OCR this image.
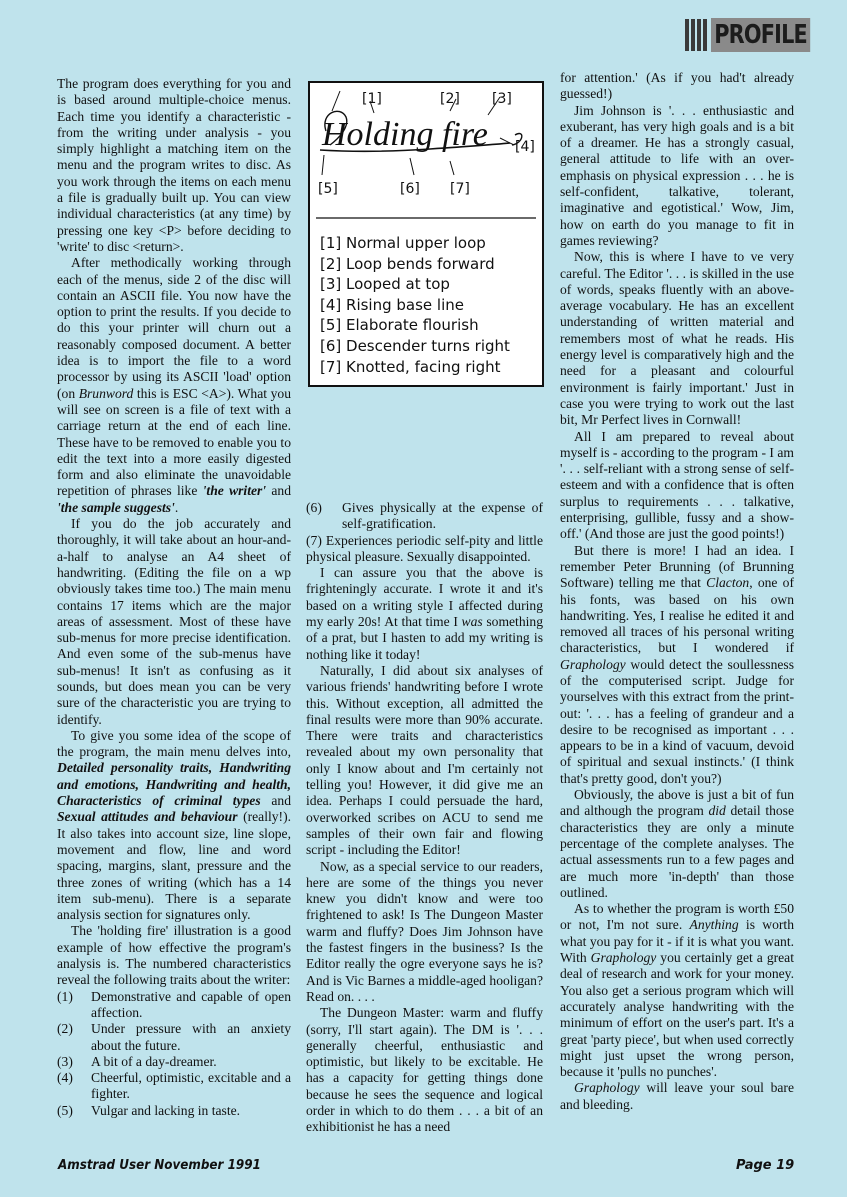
PROFILE

The program does everything for you and is based around multiple-choice menus. Each time you identify a characteristic - from the writing under analysis - you simply highlight a matching item on the menu and the program writes to disc. As you work through the items on each menu a file is gradually built up. You can view individual characteristics (at any time) by pressing one key <P> before deciding to 'write' to disc <return>.

After methodically working through each of the menus, side 2 of the disc will contain an ASCII file. You now have the option to print the results. If you decide to do this your printer will churn out a reasonably composed document. A better idea is to import the file to a word processor by using its ASCII 'load' option (on Brunword this is ESC <A>). What you will see on screen is a file of text with a carriage return at the end of each line. These have to be removed to enable you to edit the text into a more easily digested form and also eliminate the unavoidable repetition of phrases like 'the writer' and 'the sample suggests'.

If you do the job accurately and thoroughly, it will take about an hour-and-a-half to analyse an A4 sheet of handwriting. (Editing the file on a wp obviously takes time too.) The main menu contains 17 items which are the major areas of assessment. Most of these have sub-menus for more precise identification. And even some of the sub-menus have sub-menus! It isn't as confusing as it sounds, but does mean you can be very sure of the characteristic you are trying to identify.

To give you some idea of the scope of the program, the main menu delves into, Detailed personality traits, Handwriting and emotions, Handwriting and health, Characteristics of criminal types and Sexual attitudes and behaviour (really!). It also takes into account size, line slope, movement and flow, line and word spacing, margins, slant, pressure and the three zones of writing (which has a 14 item sub-menu). There is a separate analysis section for signatures only.

The 'holding fire' illustration is a good example of how effective the program's analysis is. The numbered characteristics reveal the following traits about the writer:

(1)	Demonstrative and capable of open affection.
(2)	Under pressure with an anxiety about the future.
(3)	A bit of a day-dreamer.
(4)	Cheerful, optimistic, excitable and a fighter.
(5)	Vulgar and lacking in taste.
Holding fire
[1]	[2] [3]
[4]
[5]	[6] [7]
[1] Normal upper loop
[2] Loop bends forward
[3] Looped at top
[4] Rising base line
[5] Elaborate flourish
[6] Descender turns right
[7] Knotted, facing right
(6)	Gives physically at the expense of self-gratification.

(7) Experiences periodic self-pity and little physical pleasure. Sexually disappointed.

I can assure you that the above is frighteningly accurate. I wrote it and it's based on a writing style I affected during my early 20s! At that time I was something of a prat, but I hasten to add my writing is nothing like it today!

Naturally, I did about six analyses of various friends' handwriting before I wrote this. Without exception, all admitted the final results were more than 90% accurate. There were traits and characteristics revealed about my own personality that only I know about and I'm certainly not telling you! However, it did give me an idea. Perhaps I could persuade the hard, overworked scribes on ACU to send me samples of their own fair and flowing script - including the Editor!

Now, as a special service to our readers, here are some of the things you never knew you didn't know and were too frightened to ask! Is The Dungeon Master warm and fluffy? Does Jim Johnson have the fastest fingers in the business? Is the Editor really the ogre everyone says he is? And is Vic Barnes a middle-aged hooligan? Read on. . . .

The Dungeon Master: warm and fluffy (sorry, I'll start again). The DM is '. . . generally cheerful, enthusiastic and optimistic, but likely to be excitable. He has a capacity for getting things done because he sees the sequence and logical order in which to do them . . . a bit of an exhibitionist he has a need

for attention.' (As if you had't already guessed!)

Jim Johnson is '. . . enthusiastic and exuberant, has very high goals and is a bit of a dreamer. He has a strongly casual, general attitude to life with an over-emphasis on physical expression . . . he is self-confident, talkative, tolerant, imaginative and egotistical.' Wow, Jim, how on earth do you manage to fit in games reviewing?

Now, this is where I have to ve very careful. The Editor '. . . is skilled in the use of words, speaks fluently with an above-average vocabulary. He has an excellent understanding of written material and remembers most of what he reads. His energy level is comparatively high and the need for a pleasant and colourful environment is fairly important.' Just in case you were trying to work out the last bit, Mr Perfect lives in Cornwall!

All I am prepared to reveal about myself is - according to the program - I am '. . . self-reliant with a strong sense of self-esteem and with a confidence that is often surplus to requirements . . . talkative, enterprising, gullible, fussy and a show-off.' (And those are just the good points!)

But there is more! I had an idea. I remember Peter Brunning (of Brunning Software) telling me that Clacton, one of his fonts, was based on his own handwriting. Yes, I realise he edited it and removed all traces of his personal writing characteristics, but I wondered if Graphology would detect the soullessness of the computerised script. Judge for yourselves with this extract from the print-out: '. . . has a feeling of grandeur and a desire to be recognised as important . . . appears to be in a kind of vacuum, devoid of spiritual and sexual instincts.' (I think that's pretty good, don't you?)

Obviously, the above is just a bit of fun and although the program did detail those characteristics they are only a minute percentage of the complete analyses. The actual assessments run to a few pages and are much more 'in-depth' than those outlined.

As to whether the program is worth £50 or not, I'm not sure. Anything is worth what you pay for it - if it is what you want. With Graphology you certainly get a great deal of research and work for your money. You also get a serious program which will accurately analyse handwriting with the minimum of effort on the user's part. It's a great 'party piece', but when used correctly might just upset the wrong person, because it 'pulls no punches'.

Graphology will leave your soul bare and bleeding.

Amstrad User November 1991	Page 19
